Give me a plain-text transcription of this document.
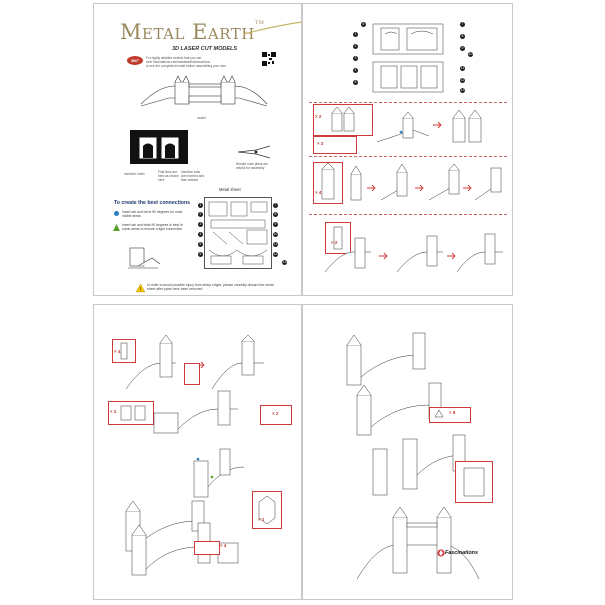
Metal Earth™
3D LASER CUT MODELS
360°	For highly detailed models that you can
visit: fascinations.com/metalearth/instructions
to see the completed model before assembling your own
model
Insertion holes	Fold lines are bent as shown here
Insertion tabs are inserted and then twisted
Needle nose pliers are helpful for assembly
Metal sheet
To create the best connections
Insert tab and bend 90 degrees for most visible areas
Insert tab and twist 90 degrees is best in some areas to ensure a tight connection
1
2
3
4
5
6
7
8
9
10
11
12
13
!
In order to avoid possible injury from sharp edges, please carefully discard the metal sheet after parts have been removed
1
2
3
4
5
6	7
8
9
10
11
12
13
× 2
× 2
× 4
× 2
× 4
× 2	× 2
× 2
× 4
× 8
Fascinations
